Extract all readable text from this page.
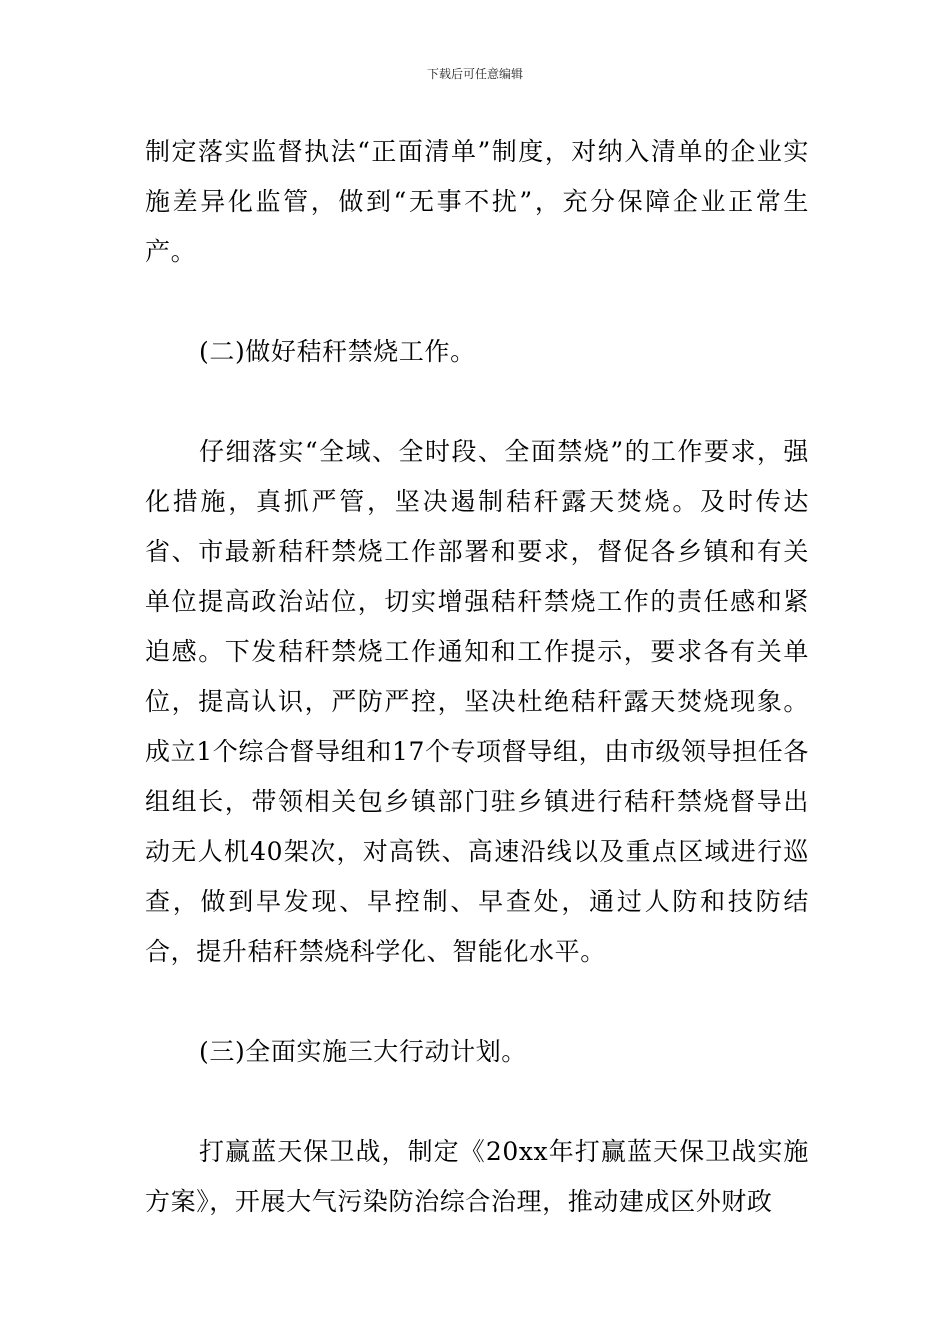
下载后可任意编辑

制定落实监督执法“正面清单”制度，对纳入清单的企业实施差异化监管，做到“无事不扰”，充分保障企业正常生产。

(二)做好秸秆禁烧工作。

仔细落实“全域、全时段、全面禁烧”的工作要求，强化措施，真抓严管，坚决遏制秸秆露天焚烧。及时传达省、市最新秸秆禁烧工作部署和要求，督促各乡镇和有关单位提高政治站位，切实增强秸秆禁烧工作的责任感和紧迫感。下发秸秆禁烧工作通知和工作提示，要求各有关单位，提高认识，严防严控，坚决杜绝秸秆露天焚烧现象。成立1个综合督导组和17个专项督导组，由市级领导担任各组组长，带领相关包乡镇部门驻乡镇进行秸秆禁烧督导出动无人机40架次，对高铁、高速沿线以及重点区域进行巡查，做到早发现、早控制、早查处，通过人防和技防结合，提升秸秆禁烧科学化、智能化水平。

(三)全面实施三大行动计划。

打赢蓝天保卫战，制定《20xx年打赢蓝天保卫战实施方案》，开展大气污染防治综合治理，推动建成区外财政
